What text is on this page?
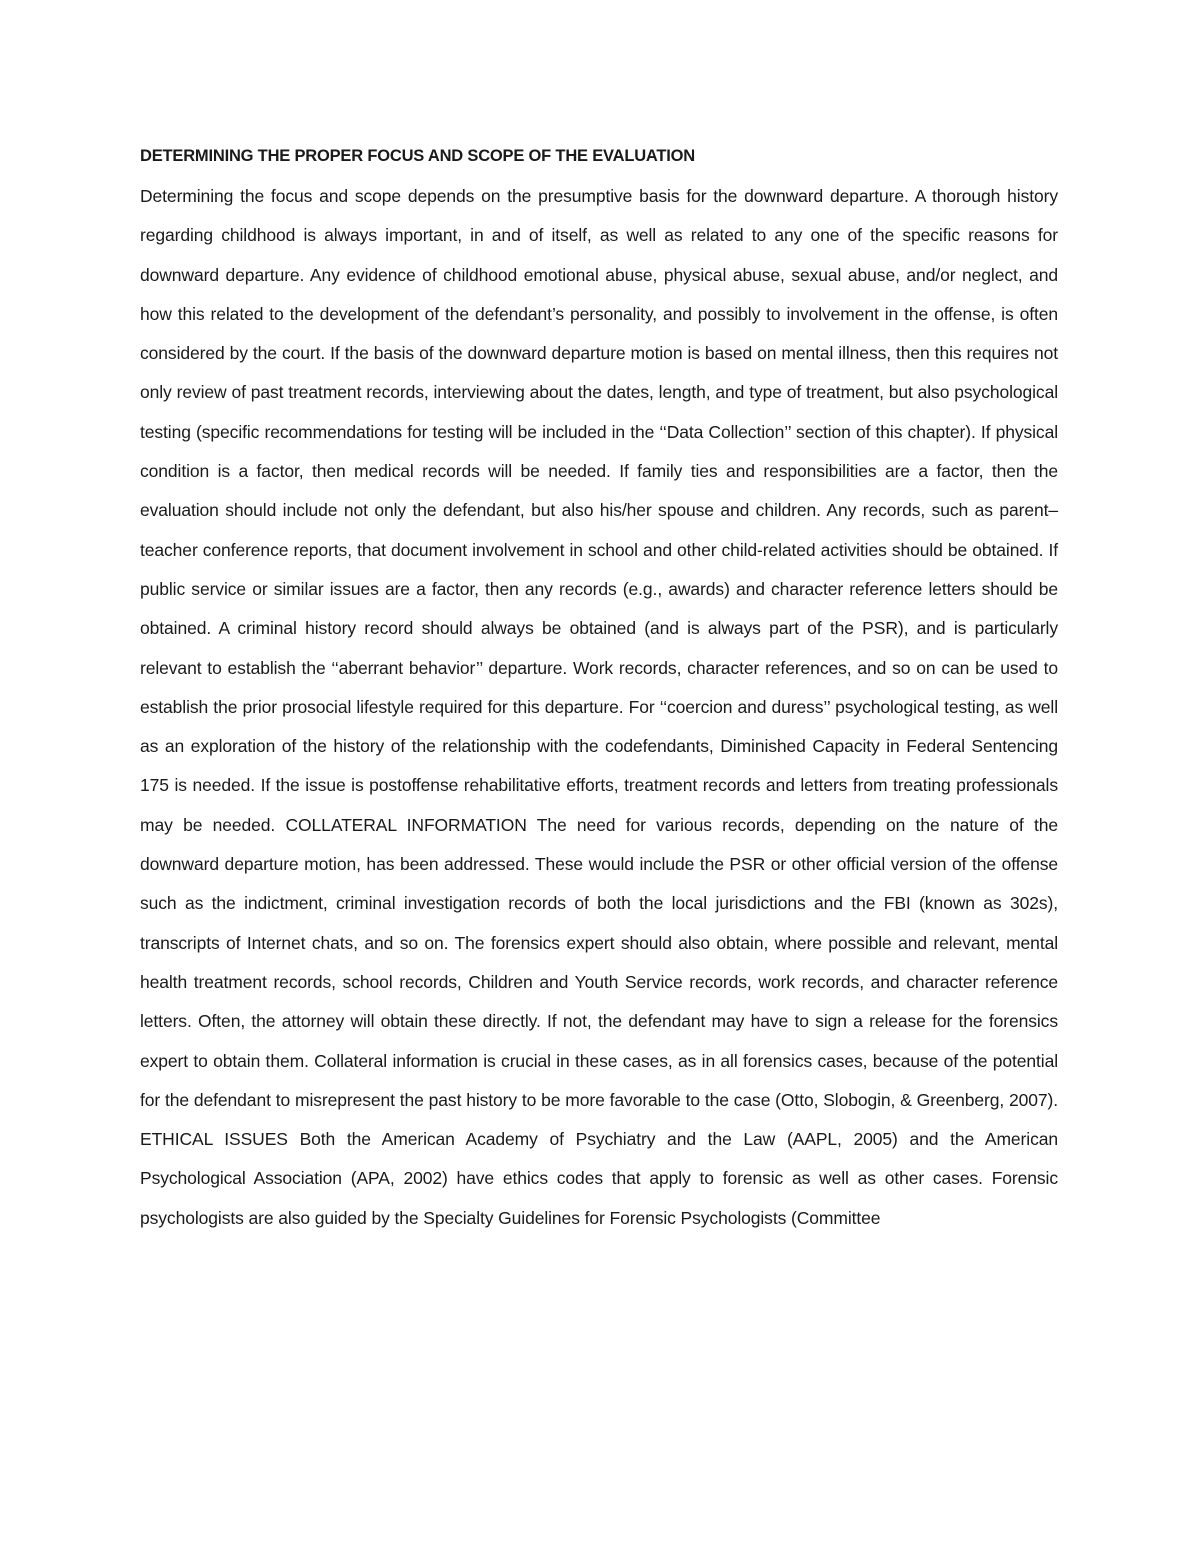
DETERMINING THE PROPER FOCUS AND SCOPE OF THE EVALUATION

Determining the focus and scope depends on the presumptive basis for the downward departure. A thorough history regarding childhood is always important, in and of itself, as well as related to any one of the specific reasons for downward departure. Any evidence of childhood emotional abuse, physical abuse, sexual abuse, and/or neglect, and how this related to the development of the defendant’s personality, and possibly to involvement in the offense, is often considered by the court. If the basis of the downward departure motion is based on mental illness, then this requires not only review of past treatment records, interviewing about the dates, length, and type of treatment, but also psychological testing (specific recommendations for testing will be included in the ‘‘Data Collection’’ section of this chapter). If physical condition is a factor, then medical records will be needed. If family ties and responsibilities are a factor, then the evaluation should include not only the defendant, but also his/her spouse and children. Any records, such as parent–teacher conference reports, that document involvement in school and other child-related activities should be obtained. If public service or similar issues are a factor, then any records (e.g., awards) and character reference letters should be obtained. A criminal history record should always be obtained (and is always part of the PSR), and is particularly relevant to establish the ‘‘aberrant behavior’’ departure. Work records, character references, and so on can be used to establish the prior prosocial lifestyle required for this departure. For ‘‘coercion and duress’’ psychological testing, as well as an exploration of the history of the relationship with the codefendants, Diminished Capacity in Federal Sentencing 175 is needed. If the issue is postoffense rehabilitative efforts, treatment records and letters from treating professionals may be needed. COLLATERAL INFORMATION The need for various records, depending on the nature of the downward departure motion, has been addressed. These would include the PSR or other official version of the offense such as the indictment, criminal investigation records of both the local jurisdictions and the FBI (known as 302s), transcripts of Internet chats, and so on. The forensics expert should also obtain, where possible and relevant, mental health treatment records, school records, Children and Youth Service records, work records, and character reference letters. Often, the attorney will obtain these directly. If not, the defendant may have to sign a release for the forensics expert to obtain them. Collateral information is crucial in these cases, as in all forensics cases, because of the potential for the defendant to misrepresent the past history to be more favorable to the case (Otto, Slobogin, & Greenberg, 2007). ETHICAL ISSUES Both the American Academy of Psychiatry and the Law (AAPL, 2005) and the American Psychological Association (APA, 2002) have ethics codes that apply to forensic as well as other cases. Forensic psychologists are also guided by the Specialty Guidelines for Forensic Psychologists (Committee
